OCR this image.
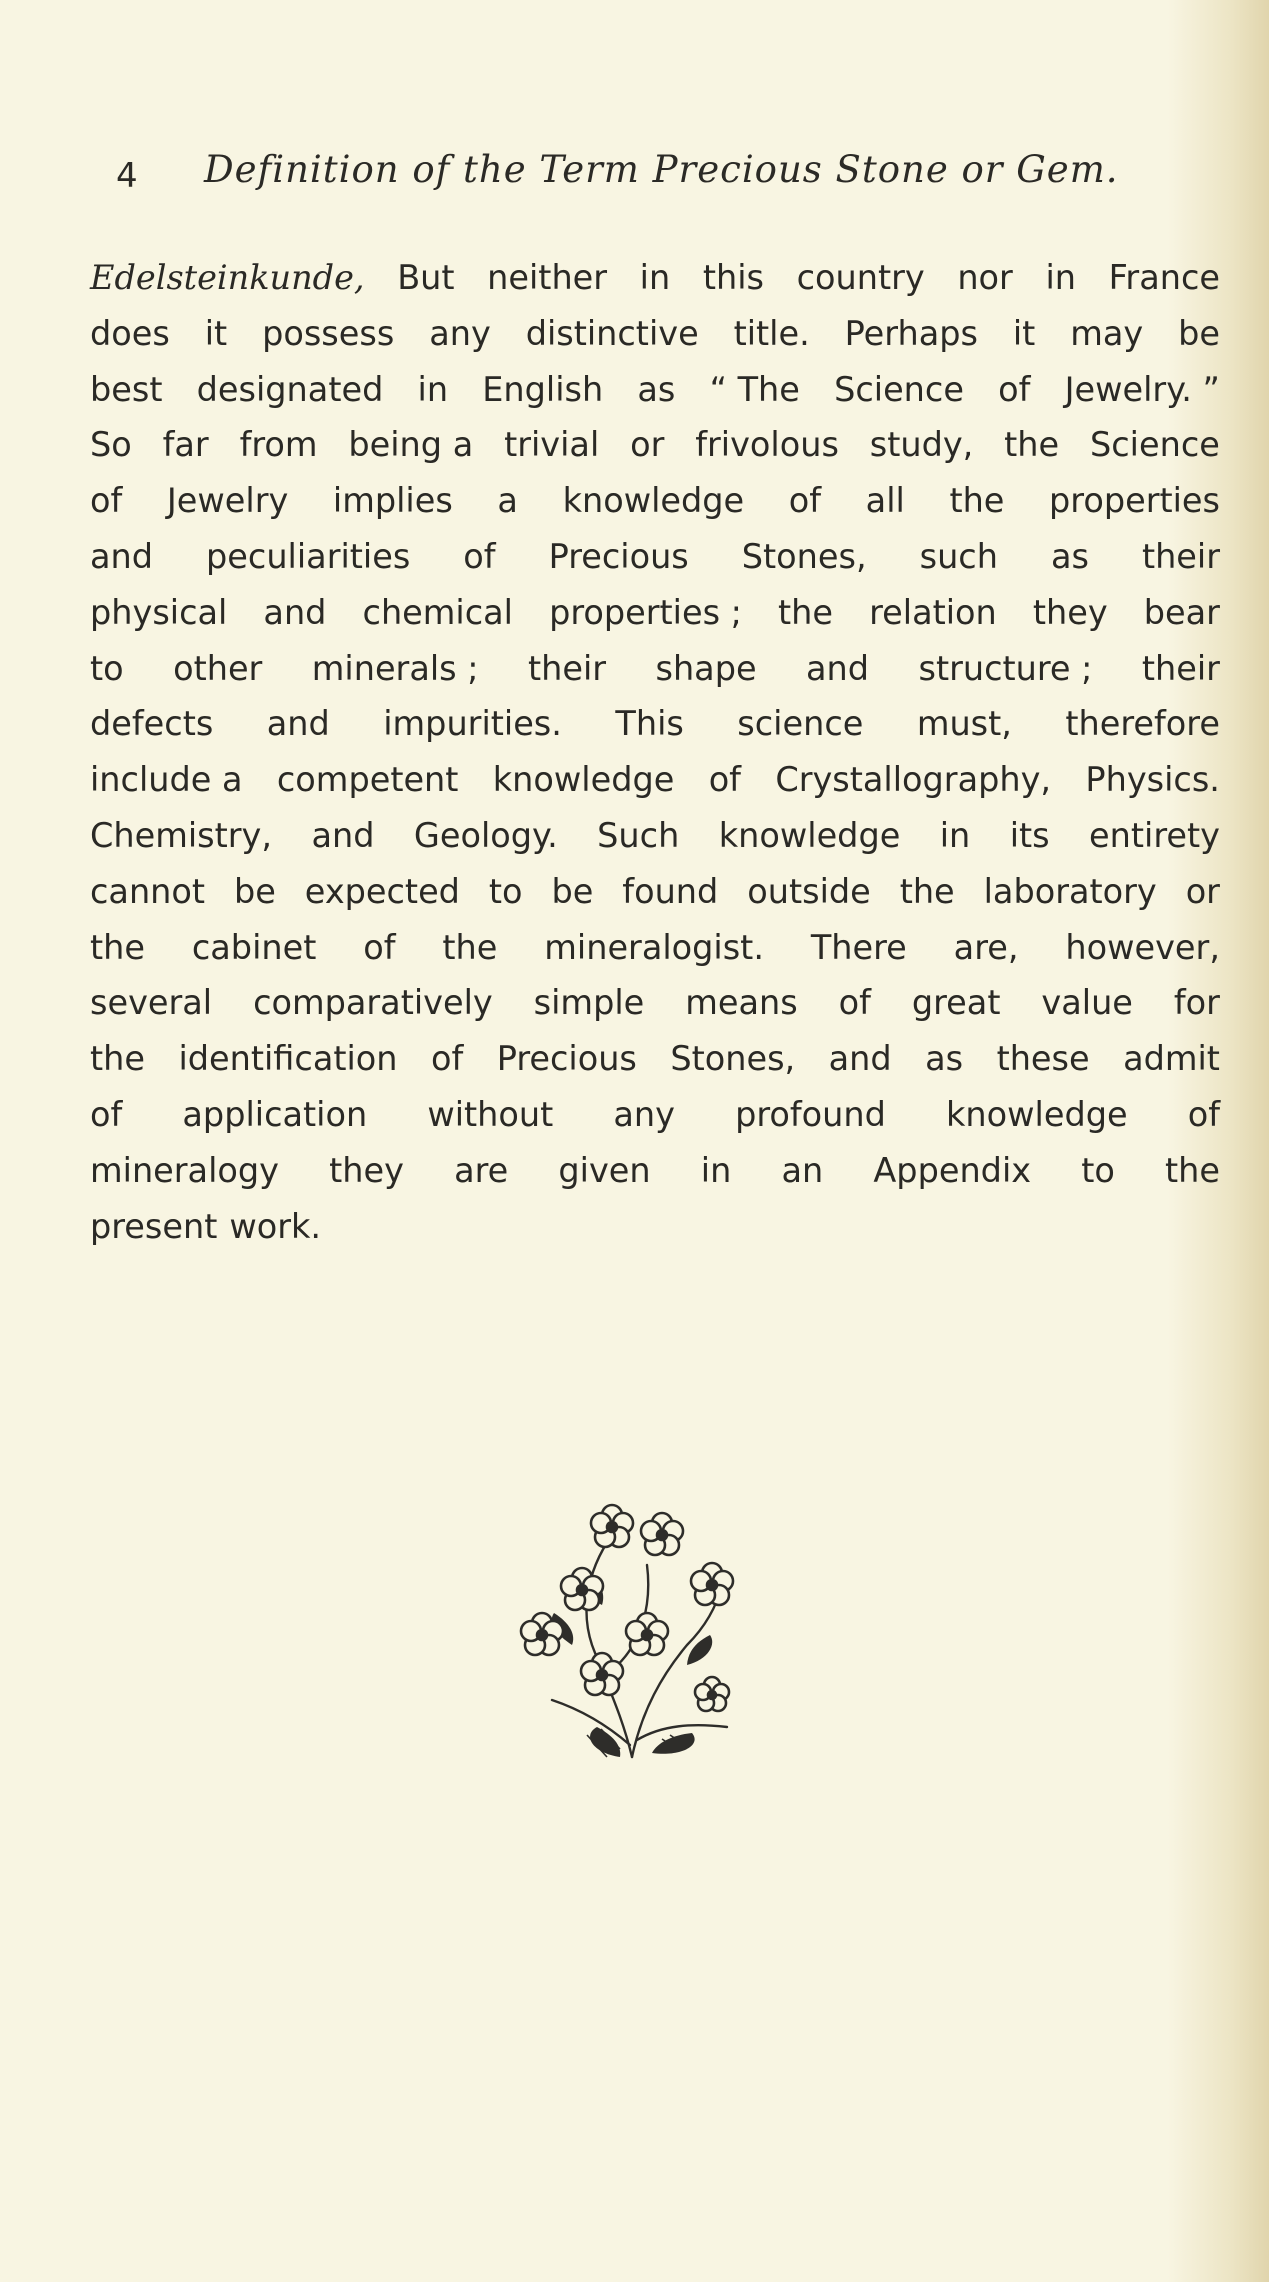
4 Definition of the Term Precious Stone or Gem.
Edelsteinkunde, But neither in this country nor in France
does it possess any distinctive title. Perhaps it may be
best designated in English as “ The Science of Jewelry. ”
So far from being a trivial or frivolous study, the Science
of Jewelry implies a knowledge of all the properties
and peculiarities of Precious Stones, such as their
physical and chemical properties ; the relation they bear
to other minerals ; their shape and structure ; their
defects and impurities. This science must, therefore
include a competent knowledge of Crystallography, Physics.
Chemistry, and Geology. Such knowledge in its entirety
cannot be expected to be found outside the laboratory or
the cabinet of the mineralogist. There are, however,
several comparatively simple means of great value for
the identification of Precious Stones, and as these admit
of application without any profound knowledge of
mineralogy they are given in an Appendix to the
present work.
